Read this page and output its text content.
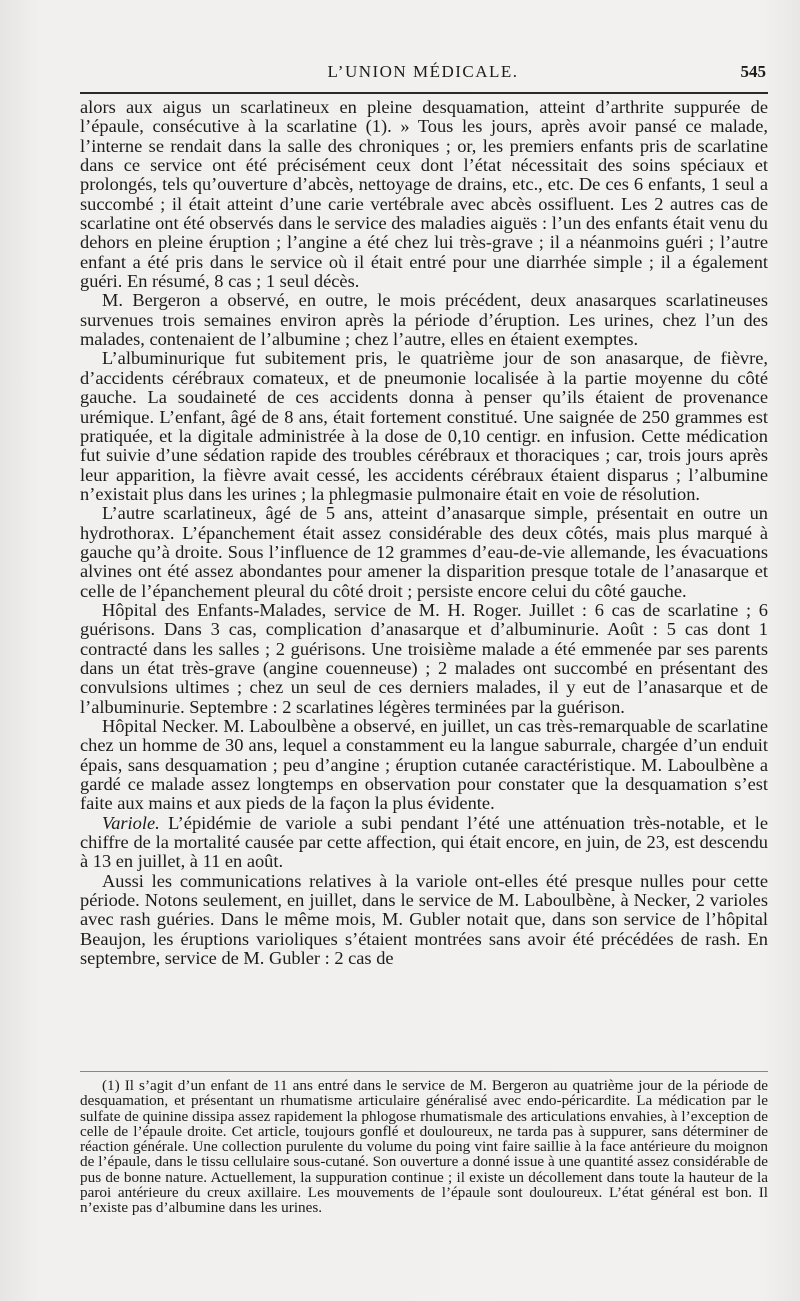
L’UNION MÉDICALE.	545

alors aux aigus un scarlatineux en pleine desquamation, atteint d’arthrite suppurée de l’épaule, consécutive à la scarlatine (1). » Tous les jours, après avoir pansé ce malade, l’interne se rendait dans la salle des chroniques ; or, les premiers enfants pris de scarlatine dans ce service ont été précisément ceux dont l’état nécessitait des soins spéciaux et prolongés, tels qu’ouverture d’abcès, nettoyage de drains, etc., etc. De ces 6 enfants, 1 seul a succombé ; il était atteint d’une carie vertébrale avec abcès ossifluent. Les 2 autres cas de scarlatine ont été observés dans le service des maladies aiguës : l’un des enfants était venu du dehors en pleine éruption ; l’angine a été chez lui très-grave ; il a néanmoins guéri ; l’autre enfant a été pris dans le service où il était entré pour une diarrhée simple ; il a également guéri. En résumé, 8 cas ; 1 seul décès.

M. Bergeron a observé, en outre, le mois précédent, deux anasarques scarlatineuses survenues trois semaines environ après la période d’éruption. Les urines, chez l’un des malades, contenaient de l’albumine ; chez l’autre, elles en étaient exemptes.

L’albuminurique fut subitement pris, le quatrième jour de son anasarque, de fièvre, d’accidents cérébraux comateux, et de pneumonie localisée à la partie moyenne du côté gauche. La soudaineté de ces accidents donna à penser qu’ils étaient de provenance urémique. L’enfant, âgé de 8 ans, était fortement constitué. Une saignée de 250 grammes est pratiquée, et la digitale administrée à la dose de 0,10 centigr. en infusion. Cette médication fut suivie d’une sédation rapide des troubles cérébraux et thoraciques ; car, trois jours après leur apparition, la fièvre avait cessé, les accidents cérébraux étaient disparus ; l’albumine n’existait plus dans les urines ; la phlegmasie pulmonaire était en voie de résolution.

L’autre scarlatineux, âgé de 5 ans, atteint d’anasarque simple, présentait en outre un hydrothorax. L’épanchement était assez considérable des deux côtés, mais plus marqué à gauche qu’à droite. Sous l’influence de 12 grammes d’eau-de-vie allemande, les évacuations alvines ont été assez abondantes pour amener la disparition presque totale de l’anasarque et celle de l’épanchement pleural du côté droit ; persiste encore celui du côté gauche.

Hôpital des Enfants-Malades, service de M. H. Roger. Juillet : 6 cas de scarlatine ; 6 guérisons. Dans 3 cas, complication d’anasarque et d’albuminurie. Août : 5 cas dont 1 contracté dans les salles ; 2 guérisons. Une troisième malade a été emmenée par ses parents dans un état très-grave (angine couenneuse) ; 2 malades ont succombé en présentant des convulsions ultimes ; chez un seul de ces derniers malades, il y eut de l’anasarque et de l’albuminurie. Septembre : 2 scarlatines légères terminées par la guérison.

Hôpital Necker. M. Laboulbène a observé, en juillet, un cas très-remarquable de scarlatine chez un homme de 30 ans, lequel a constamment eu la langue saburrale, chargée d’un enduit épais, sans desquamation ; peu d’angine ; éruption cutanée caractéristique. M. Laboulbène a gardé ce malade assez longtemps en observation pour constater que la desquamation s’est faite aux mains et aux pieds de la façon la plus évidente.

Variole. L’épidémie de variole a subi pendant l’été une atténuation très-notable, et le chiffre de la mortalité causée par cette affection, qui était encore, en juin, de 23, est descendu à 13 en juillet, à 11 en août.

Aussi les communications relatives à la variole ont-elles été presque nulles pour cette période. Notons seulement, en juillet, dans le service de M. Laboulbène, à Necker, 2 varioles avec rash guéries. Dans le même mois, M. Gubler notait que, dans son service de l’hôpital Beaujon, les éruptions varioliques s’étaient montrées sans avoir été précédées de rash. En septembre, service de M. Gubler : 2 cas de

(1) Il s’agit d’un enfant de 11 ans entré dans le service de M. Bergeron au quatrième jour de la période de desquamation, et présentant un rhumatisme articulaire généralisé avec endo-péricardite. La médication par le sulfate de quinine dissipa assez rapidement la phlogose rhumatismale des articulations envahies, à l’exception de celle de l’épaule droite. Cet article, toujours gonflé et douloureux, ne tarda pas à suppurer, sans déterminer de réaction générale. Une collection purulente du volume du poing vint faire saillie à la face antérieure du moignon de l’épaule, dans le tissu cellulaire sous-cutané. Son ouverture a donné issue à une quantité assez considérable de pus de bonne nature. Actuellement, la suppuration continue ; il existe un décollement dans toute la hauteur de la paroi antérieure du creux axillaire. Les mouvements de l’épaule sont douloureux. L’état général est bon. Il n’existe pas d’albumine dans les urines.
